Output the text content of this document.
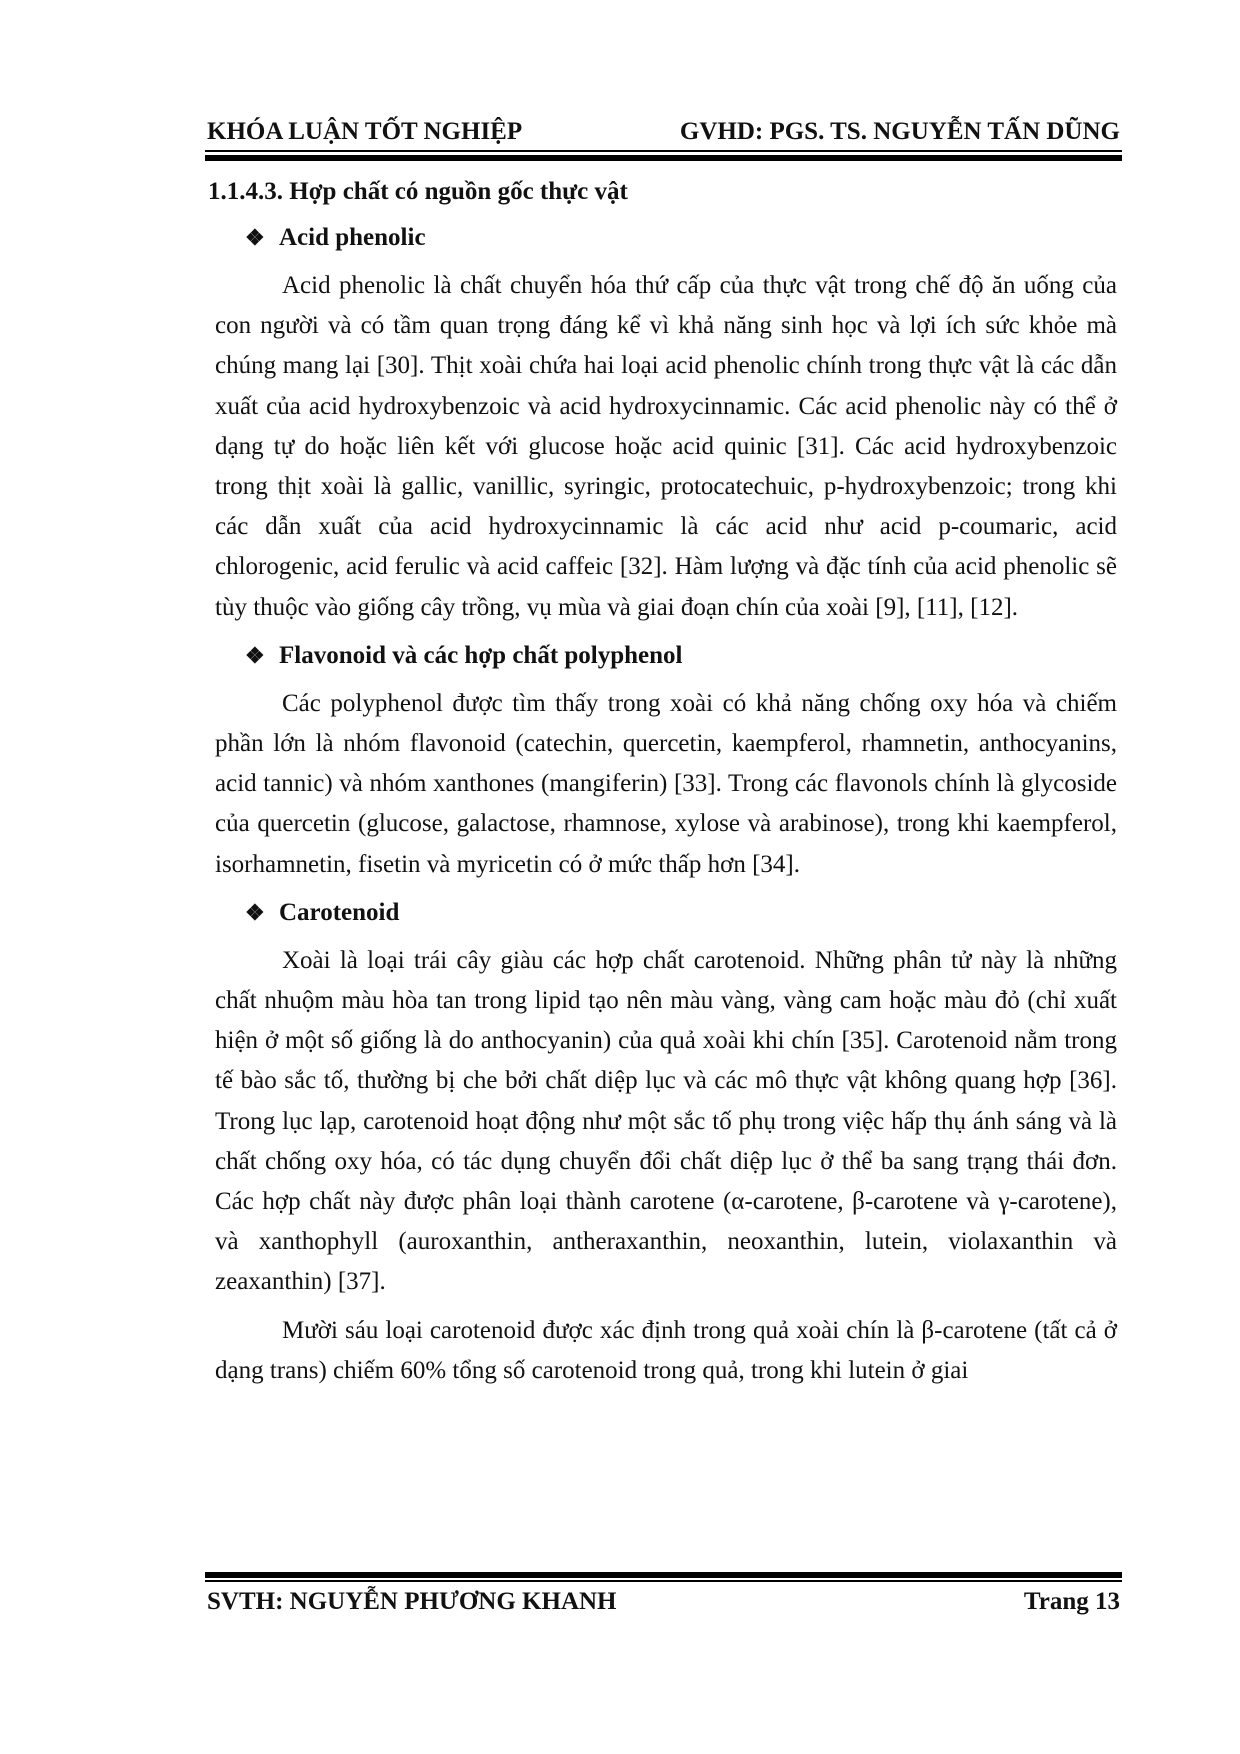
KHÓA LUẬN TỐT NGHIỆP	GVHD: PGS. TS. NGUYỄN TẤN DŨNG
1.1.4.3. Hợp chất có nguồn gốc thực vật
❖ Acid phenolic

Acid phenolic là chất chuyển hóa thứ cấp của thực vật trong chế độ ăn uống của con người và có tầm quan trọng đáng kể vì khả năng sinh học và lợi ích sức khỏe mà chúng mang lại [30]. Thịt xoài chứa hai loại acid phenolic chính trong thực vật là các dẫn xuất của acid hydroxybenzoic và acid hydroxycinnamic. Các acid phenolic này có thể ở dạng tự do hoặc liên kết với glucose hoặc acid quinic [31]. Các acid hydroxybenzoic trong thịt xoài là gallic, vanillic, syringic, protocatechuic, p-hydroxybenzoic; trong khi các dẫn xuất của acid hydroxycinnamic là các acid như acid p-coumaric, acid chlorogenic, acid ferulic và acid caffeic [32]. Hàm lượng và đặc tính của acid phenolic sẽ tùy thuộc vào giống cây trồng, vụ mùa và giai đoạn chín của xoài [9], [11], [12].

❖ Flavonoid và các hợp chất polyphenol

Các polyphenol được tìm thấy trong xoài có khả năng chống oxy hóa và chiếm phần lớn là nhóm flavonoid (catechin, quercetin, kaempferol, rhamnetin, anthocyanins, acid tannic) và nhóm xanthones (mangiferin) [33]. Trong các flavonols chính là glycoside của quercetin (glucose, galactose, rhamnose, xylose và arabinose), trong khi kaempferol, isorhamnetin, fisetin và myricetin có ở mức thấp hơn [34].

❖ Carotenoid

Xoài là loại trái cây giàu các hợp chất carotenoid. Những phân tử này là những chất nhuộm màu hòa tan trong lipid tạo nên màu vàng, vàng cam hoặc màu đỏ (chỉ xuất hiện ở một số giống là do anthocyanin) của quả xoài khi chín [35]. Carotenoid nằm trong tế bào sắc tố, thường bị che bởi chất diệp lục và các mô thực vật không quang hợp [36]. Trong lục lạp, carotenoid hoạt động như một sắc tố phụ trong việc hấp thụ ánh sáng và là chất chống oxy hóa, có tác dụng chuyển đổi chất diệp lục ở thể ba sang trạng thái đơn. Các hợp chất này được phân loại thành carotene (α-carotene, β-carotene và γ-carotene), và xanthophyll (auroxanthin, antheraxanthin, neoxanthin, lutein, violaxanthin và zeaxanthin) [37].

Mười sáu loại carotenoid được xác định trong quả xoài chín là β-carotene (tất cả ở dạng trans) chiếm 60% tổng số carotenoid trong quả, trong khi lutein ở giai

SVTH: NGUYỄN PHƯƠNG KHANH	Trang 13
